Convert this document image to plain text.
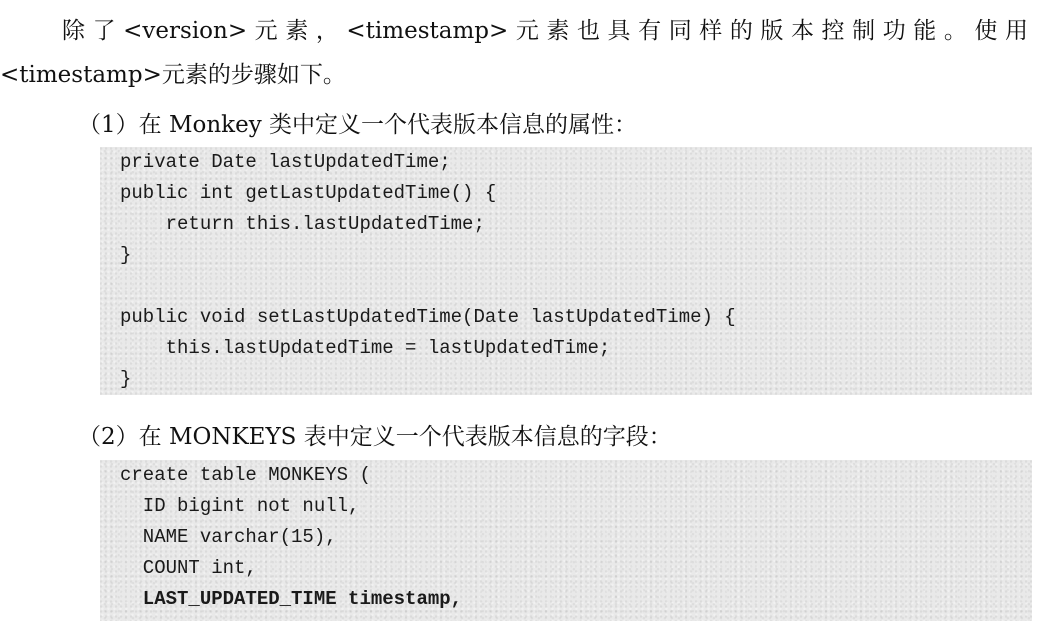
除了<version>元素，<timestamp>元素也具有同样的版本控制功能。使用

<timestamp>元素的步骤如下。

（1）在 Monkey 类中定义一个代表版本信息的属性：

private Date lastUpdatedTime;
public int getLastUpdatedTime() {
return this.lastUpdatedTime;
}
public void setLastUpdatedTime(Date lastUpdatedTime) {
this.lastUpdatedTime = lastUpdatedTime;
}

（2）在 MONKEYS 表中定义一个代表版本信息的字段：

create table MONKEYS (
ID bigint not null,
NAME varchar(15),
COUNT int,
LAST_UPDATED_TIME timestamp,
